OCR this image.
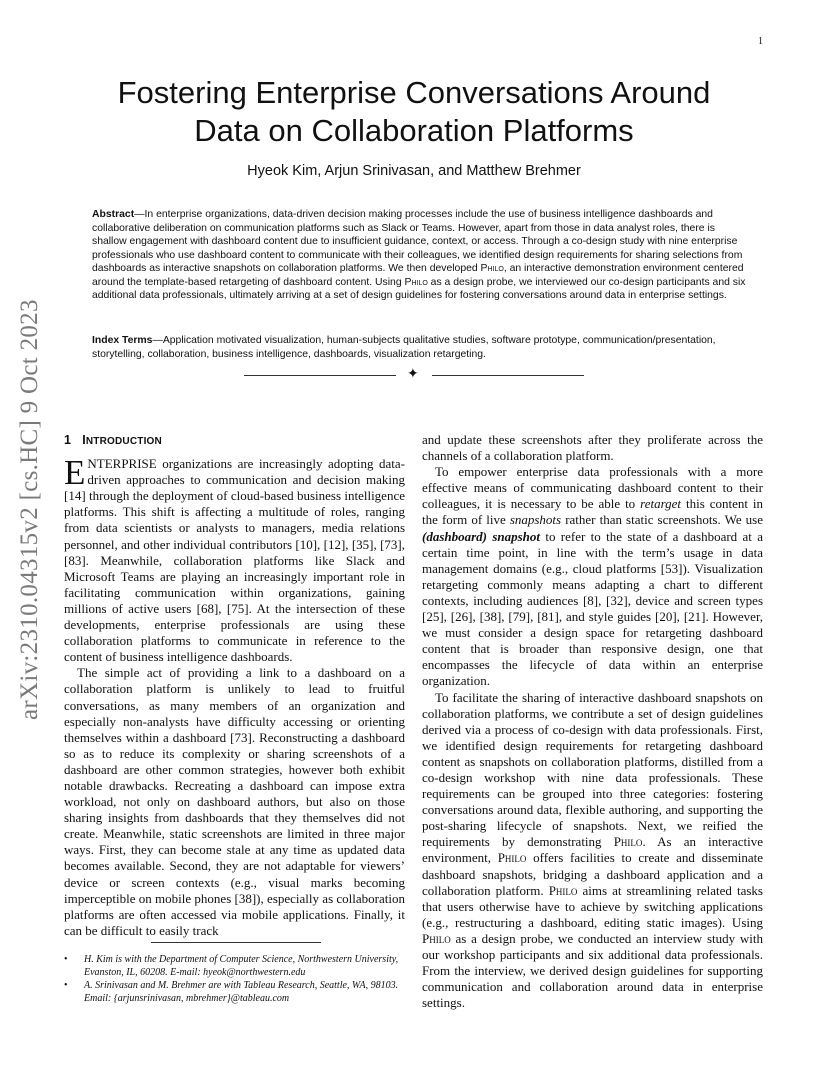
1
Fostering Enterprise Conversations Around
Data on Collaboration Platforms
Hyeok Kim, Arjun Srinivasan, and Matthew Brehmer

Abstract—In enterprise organizations, data-driven decision making processes include the use of business intelligence dashboards and collaborative deliberation on communication platforms such as Slack or Teams. However, apart from those in data analyst roles, there is shallow engagement with dashboard content due to insufficient guidance, context, or access. Through a co-design study with nine enterprise professionals who use dashboard content to communicate with their colleagues, we identified design requirements for sharing selections from dashboards as interactive snapshots on collaboration platforms. We then developed Philo, an interactive demonstration environment centered around the template-based retargeting of dashboard content. Using Philo as a design probe, we interviewed our co-design participants and six additional data professionals, ultimately arriving at a set of design guidelines for fostering conversations around data in enterprise settings.

Index Terms—Application motivated visualization, human-subjects qualitative studies, software prototype, communication/presentation, storytelling, collaboration, business intelligence, dashboards, visualization retargeting.

✦
arXiv:2310.04315v2 [cs.HC] 9 Oct 2023 1 INTRODUCTION

ENTERPRISE organizations are increasingly adopting data-driven approaches to communication and decision making [14] through the deployment of cloud-based business intelligence platforms. This shift is affecting a multitude of roles, ranging from data scientists or analysts to managers, media relations personnel, and other individual contributors [10], [12], [35], [73], [83]. Meanwhile, collaboration platforms like Slack and Microsoft Teams are playing an increasingly important role in facilitating communication within organizations, gaining millions of active users [68], [75]. At the intersection of these developments, enterprise professionals are using these collaboration platforms to communicate in reference to the content of business intelligence dashboards.

The simple act of providing a link to a dashboard on a collaboration platform is unlikely to lead to fruitful conversations, as many members of an organization and especially non-analysts have difficulty accessing or orienting themselves within a dashboard [73]. Reconstructing a dashboard so as to reduce its complexity or sharing screenshots of a dashboard are other common strategies, however both exhibit notable drawbacks. Recreating a dashboard can impose extra workload, not only on dashboard authors, but also on those sharing insights from dashboards that they themselves did not create. Meanwhile, static screenshots are limited in three major ways. First, they can become stale at any time as updated data becomes available. Second, they are not adaptable for viewers’ device or screen contexts (e.g., visual marks becoming imperceptible on mobile phones [38]), especially as collaboration platforms are often accessed via mobile applications. Finally, it can be difficult to easily track

and update these screenshots after they proliferate across the channels of a collaboration platform.

To empower enterprise data professionals with a more effective means of communicating dashboard content to their colleagues, it is necessary to be able to retarget this content in the form of live snapshots rather than static screenshots. We use (dashboard) snapshot to refer to the state of a dashboard at a certain time point, in line with the term’s usage in data management domains (e.g., cloud platforms [53]). Visualization retargeting commonly means adapting a chart to different contexts, including audiences [8], [32], device and screen types [25], [26], [38], [79], [81], and style guides [20], [21]. However, we must consider a design space for retargeting dashboard content that is broader than responsive design, one that encompasses the lifecycle of data within an enterprise organization.

To facilitate the sharing of interactive dashboard snapshots on collaboration platforms, we contribute a set of design guidelines derived via a process of co-design with data professionals. First, we identified design requirements for retargeting dashboard content as snapshots on collaboration platforms, distilled from a co-design workshop with nine data professionals. These requirements can be grouped into three categories: fostering conversations around data, flexible authoring, and supporting the post-sharing lifecycle of snapshots. Next, we reified the requirements by demonstrating Philo. As an interactive environment, Philo offers facilities to create and disseminate dashboard snapshots, bridging a dashboard application and a collaboration platform. Philo aims at streamlining related tasks that users otherwise have to achieve by switching applications (e.g., restructuring a dashboard, editing static images). Using Philo as a design probe, we conducted an interview study with our workshop participants and six additional data professionals. From the interview, we derived design guidelines for supporting communication and collaboration around data in enterprise settings.

• H. Kim is with the Department of Computer Science, Northwestern University, Evanston, IL, 60208. E-mail: hyeok@northwestern.edu
• A. Srinivasan and M. Brehmer are with Tableau Research, Seattle, WA, 98103. Email: {arjunsrinivasan, mbrehmer}@tableau.com
